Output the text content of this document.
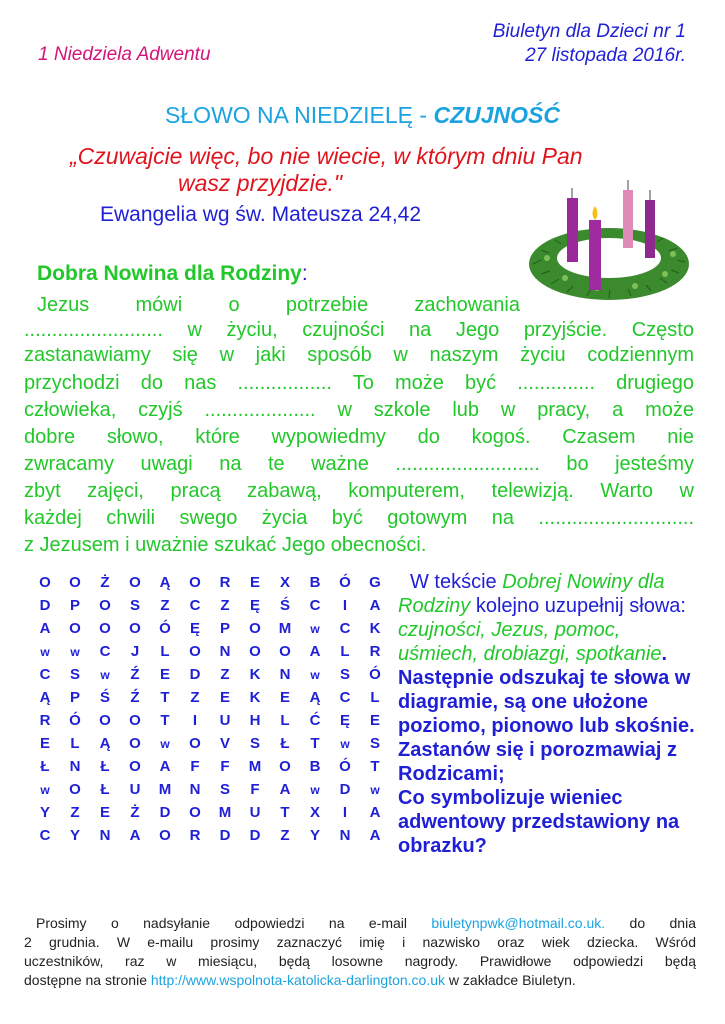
Biuletyn dla Dzieci nr 1
27 listopada 2016r.
1 Niedziela Adwentu
SŁOWO NA NIEDZIELĘ - CZUJNOŚĆ
„Czuwajcie więc, bo nie wiecie, w którym dniu Pan
wasz przyjdzie."
Ewangelia wg św. Mateusza 24,42
Dobra Nowina dla Rodziny:
Jezus mówi o potrzebie zachowania
......................... w życiu, czujności na Jego przyjście. Często
zastanawiamy się w jaki sposób w naszym życiu codziennym
przychodzi do nas ................. To może być .............. drugiego
człowieka, czyjś .................... w szkole lub w pracy, a może
dobre słowo, które wypowiedmy do kogoś. Czasem nie
zwracamy uwagi na te ważne .......................... bo jesteśmy
zbyt zajęci, pracą zabawą, komputerem, telewizją. Warto w
każdej chwili swego życia być gotowym na ............................
z Jezusem i uważnie szukać Jego obecności.
O	O	Ż	O	Ą	O	R	E	X	B	Ó	G
D	P	O	S	Z	C	Z	Ę	Ś	C	I	A
A	O	O	O	Ó	Ę	P	O	M	w	C	K
w	w	C	J	L	O	N	O	O	A	L	R
C	S	w	Ź	E	D	Z	K	N	w	S	Ó
Ą	P	Ś	Ź	T	Z	E	K	E	Ą	C	L
R	Ó	O	O	T	I	U	H	L	Ć	Ę	E
E	L	Ą	O	w	O	V	S	Ł	T	w	S
Ł	N	Ł	O	A	F	F	M	O	B	Ó	T
w	O	Ł	U	M	N	S	F	A	w	D	w
Y	Z	E	Ż	D	O	M	U	T	X	I	A
C	Y	N	A	O	R	D	D	Z	Y	N	A
W tekście Dobrej Nowiny dla Rodziny kolejno uzupełnij słowa: czujności, Jezus, pomoc, uśmiech, drobiazgi, spotkanie. Następnie odszukaj te słowa w diagramie, są one ułożone poziomo, pionowo lub skośnie. Zastanów się i porozmawiaj z Rodzicami;
Co symbolizuje wieniec adwentowy przedstawiony na obrazku?
Prosimy o nadsyłanie odpowiedzi na e-mail biuletynpwk@hotmail.co.uk. do dnia
2 grudnia. W e-mailu prosimy zaznaczyć imię i nazwisko oraz wiek dziecka. Wśród
uczestników, raz w miesiącu, będą losowne nagrody. Prawidłowe odpowiedzi będą
dostępne na stronie http://www.wspolnota-katolicka-darlington.co.uk w zakładce Biuletyn.
